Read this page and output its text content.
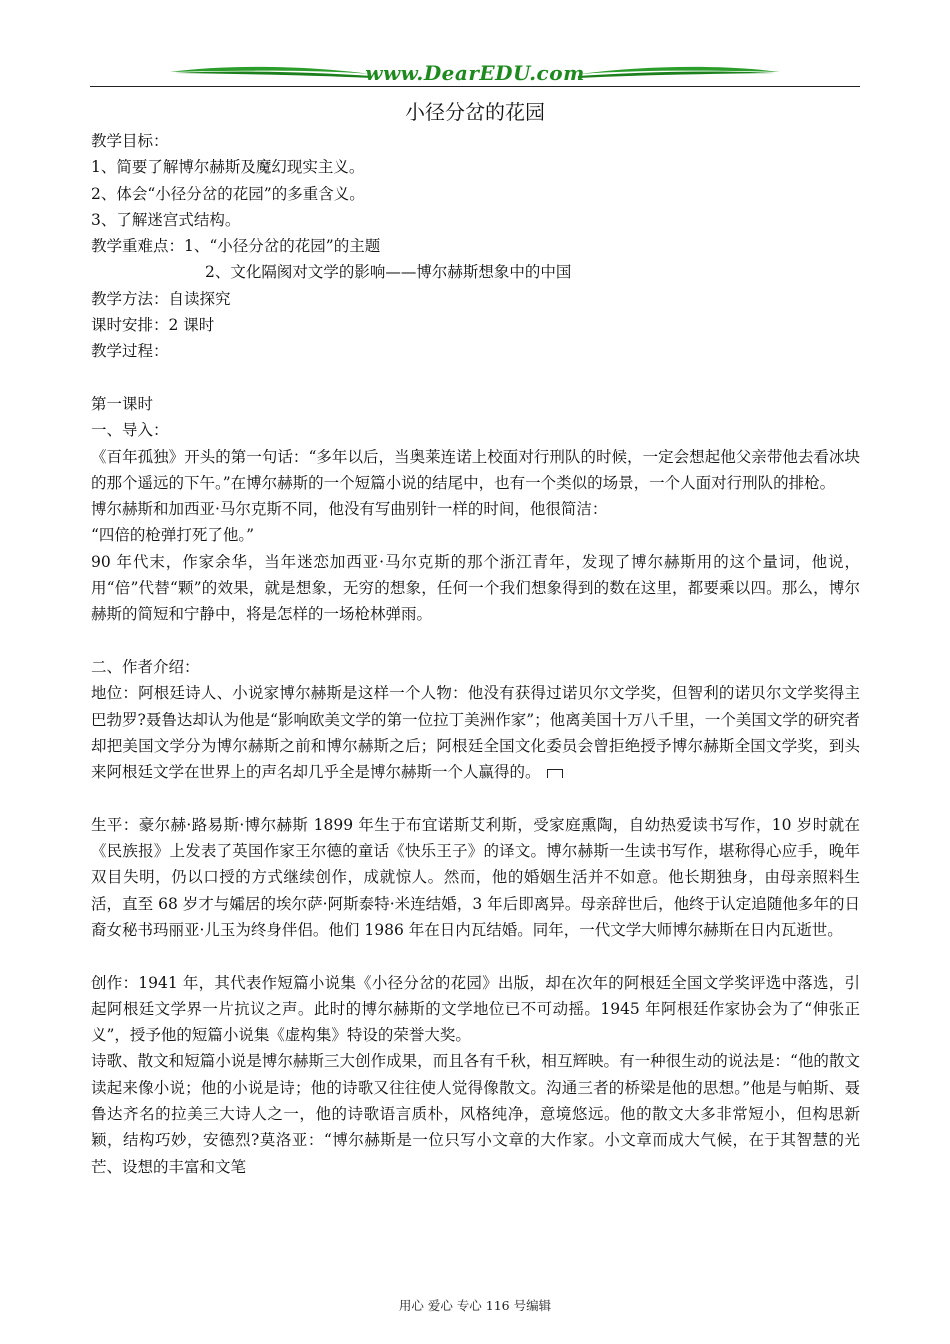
www.DearEDU.com
小径分岔的花园

教学目标：

1、简要了解博尔赫斯及魔幻现实主义。

2、体会“小径分岔的花园”的多重含义。

3、了解迷宫式结构。

教学重难点：1、“小径分岔的花园”的主题

2、文化隔阂对文学的影响——博尔赫斯想象中的中国

教学方法：自读探究

课时安排：2 课时

教学过程：

第一课时

一、导入：

《百年孤独》开头的第一句话：“多年以后，当奥莱连诺上校面对行刑队的时候，一定会想起他父亲带他去看冰块的那个遥远的下午。”在博尔赫斯的一个短篇小说的结尾中，也有一个类似的场景，一个人面对行刑队的排枪。

博尔赫斯和加西亚·马尔克斯不同，他没有写曲别针一样的时间，他很简洁：

“四倍的枪弹打死了他。”

90 年代末，作家余华，当年迷恋加西亚·马尔克斯的那个浙江青年，发现了博尔赫斯用的这个量词，他说，用“倍”代替“颗”的效果，就是想象，无穷的想象，任何一个我们想象得到的数在这里，都要乘以四。那么，博尔赫斯的简短和宁静中，将是怎样的一场枪林弹雨。

二、作者介绍：

地位：阿根廷诗人、小说家博尔赫斯是这样一个人物：他没有获得过诺贝尔文学奖，但智利的诺贝尔文学奖得主巴勃罗?聂鲁达却认为他是“影响欧美文学的第一位拉丁美洲作家”；他离美国十万八千里，一个美国文学的研究者却把美国文学分为博尔赫斯之前和博尔赫斯之后；阿根廷全国文化委员会曾拒绝授予博尔赫斯全国文学奖，到头来阿根廷文学在世界上的声名却几乎全是博尔赫斯一个人赢得的。

生平：豪尔赫·路易斯·博尔赫斯 1899 年生于布宜诺斯艾利斯，受家庭熏陶，自幼热爱读书写作，10 岁时就在《民族报》上发表了英国作家王尔德的童话《快乐王子》的译文。博尔赫斯一生读书写作，堪称得心应手，晚年双目失明，仍以口授的方式继续创作，成就惊人。然而，他的婚姻生活并不如意。他长期独身，由母亲照料生活，直至 68 岁才与孀居的埃尔萨·阿斯泰特·米连结婚，3 年后即离异。母亲辞世后，他终于认定追随他多年的日裔女秘书玛丽亚·儿玉为终身伴侣。他们 1986 年在日内瓦结婚。同年，一代文学大师博尔赫斯在日内瓦逝世。

创作：1941 年，其代表作短篇小说集《小径分岔的花园》出版，却在次年的阿根廷全国文学奖评选中落选，引起阿根廷文学界一片抗议之声。此时的博尔赫斯的文学地位已不可动摇。1945 年阿根廷作家协会为了“伸张正义”，授予他的短篇小说集《虚构集》特设的荣誉大奖。

诗歌、散文和短篇小说是博尔赫斯三大创作成果，而且各有千秋，相互辉映。有一种很生动的说法是：“他的散文读起来像小说；他的小说是诗；他的诗歌又往往使人觉得像散文。沟通三者的桥梁是他的思想。”他是与帕斯、聂鲁达齐名的拉美三大诗人之一，他的诗歌语言质朴，风格纯净，意境悠远。他的散文大多非常短小，但构思新颖，结构巧妙，安德烈?莫洛亚：“博尔赫斯是一位只写小文章的大作家。小文章而成大气候，在于其智慧的光芒、设想的丰富和文笔

用心 爱心 专心 116 号编辑
